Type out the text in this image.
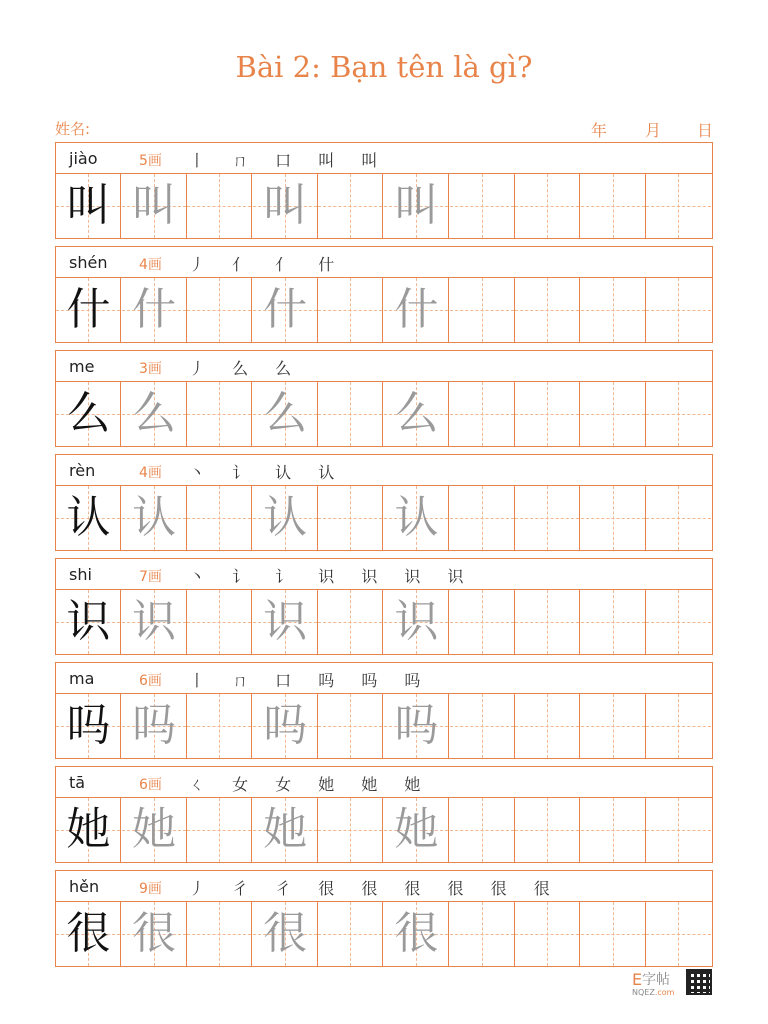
Bài 2: Bạn tên là gì?
姓名:	年 月 日
jiào	5画 丨 ㄇ 口 叫 叫
叫 叫 叫 叫
shén 4画 丿 亻 亻 什
什 什 什 什
me	3画 丿 么 么
么 么 么 么
rèn	4画 丶 讠 认 认
认 认 认 认
shi	7画 丶 讠 讠 识 识 识 识
识 识 识 识
ma	6画 丨 ㄇ 口 吗 吗 吗
吗 吗 吗 吗
tā	6画 ㄑ 女 女 她 她 她
她 她 她 她
hěn	9画 丿 彳 彳 很 很 很 很 很 很
很 很 很 很
E 字帖
NQEZ.com
